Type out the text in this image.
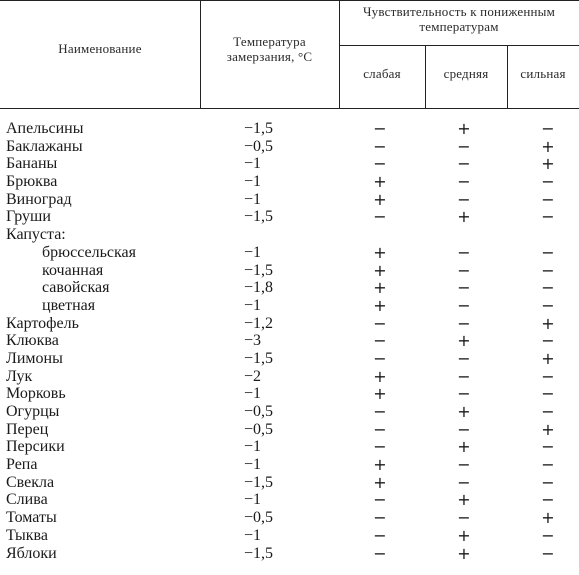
Наименование	Температура замерзания, °С
Чувствительность к пониженным температурам
слабая	средняя	сильная
Апельсины	−1,5	−	+	−
Баклажаны	−0,5	−	−	+
Бананы	−1	−	−	+
Брюква	−1	+	−	−
Виноград	−1	+	−	−
Груши	−1,5	−	+	−
Капуста:
брюссельская	−1	+	−	−
кочанная	−1,5	+	−	−
савойская	−1,8	+	−	−
цветная	−1	+	−	−
Картофель	−1,2	−	−	+
Клюква	−3	−	+	−
Лимоны	−1,5	−	−	+
Лук	−2	+	−	−
Морковь	−1	+	−	−
Огурцы	−0,5	−	+	−
Перец	−0,5	−	−	+
Персики	−1	−	+	−
Репа	−1	+	−	−
Свекла	−1,5	+	−	−
Слива	−1	−	+	−
Томаты	−0,5	−	−	+
Тыква	−1	−	+	−
Яблоки	−1,5	−	+	−
